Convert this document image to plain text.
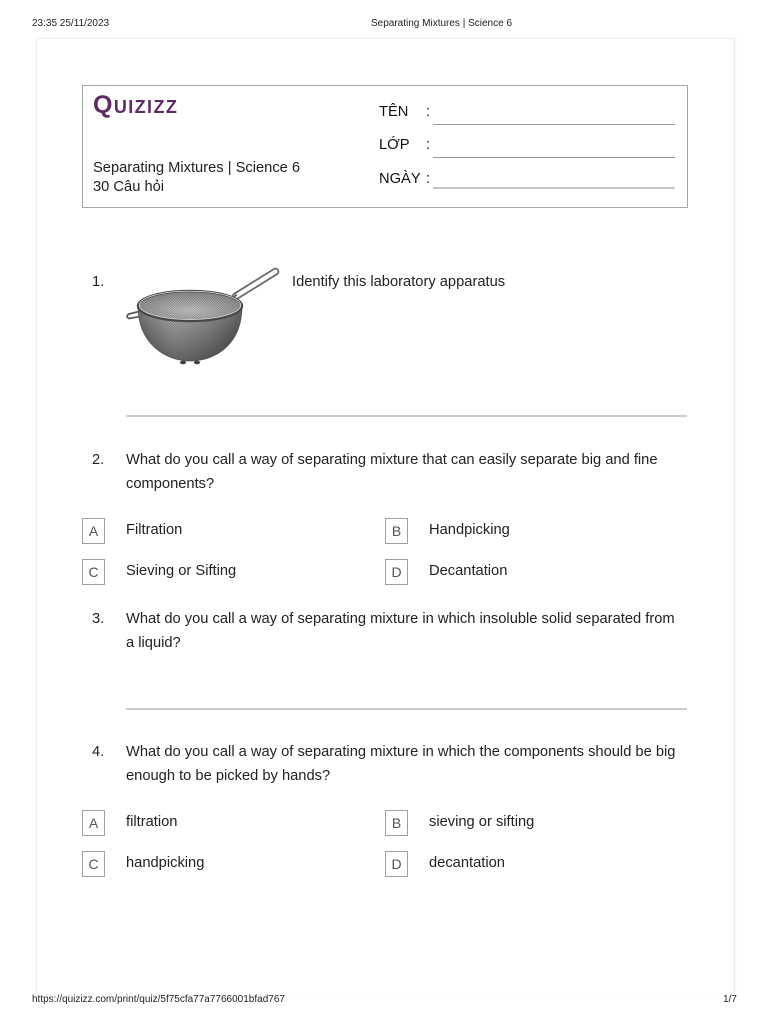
23:35 25/11/2023	Separating Mixtures | Science 6
Quizizz
Separating Mixtures | Science 6
30 Câu hỏi
TÊN :
LỚP :
NGÀY :
1.	Identify this laboratory apparatus
2. What do you call a way of separating mixture that can easily separate big and fine components?
A	Filtration	B	Handpicking
C	Sieving or Sifting	D	Decantation
3. What do you call a way of separating mixture in which insoluble solid separated from a liquid?
4. What do you call a way of separating mixture in which the components should be big enough to be picked by hands?
A	filtration	B	sieving or sifting
C	handpicking	D	decantation
https://quizizz.com/print/quiz/5f75cfa77a7766001bfad767	1/7
